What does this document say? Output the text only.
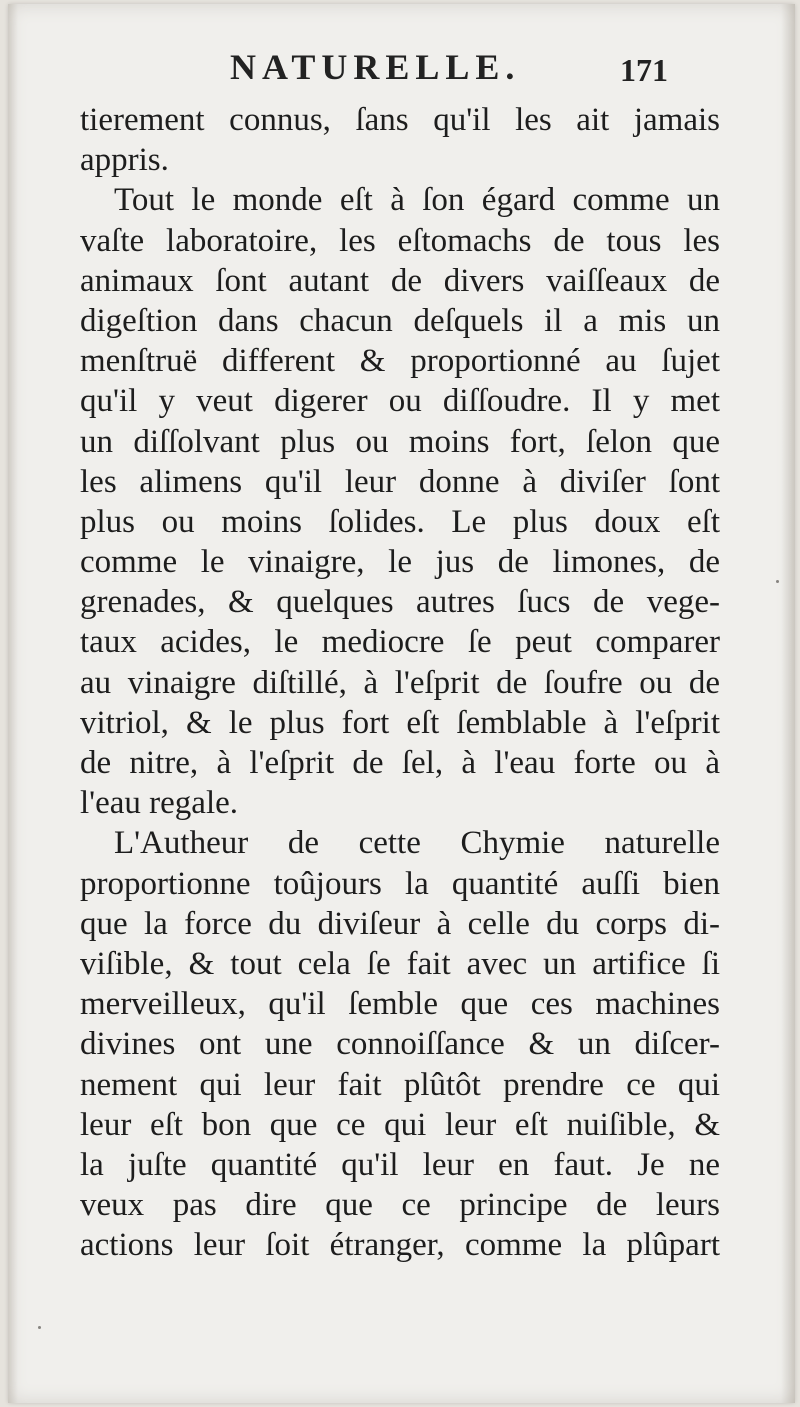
NATURELLE.	171
tierement connus, ſans qu'il les ait jamais
appris.
Tout le monde eſt à ſon égard comme un
vaſte laboratoire, les eſtomachs de tous les
animaux ſont autant de divers vaiſſeaux de
digeſtion dans chacun deſquels il a mis un
menſtruë different & proportionné au ſujet
qu'il y veut digerer ou diſſoudre. Il y met
un diſſolvant plus ou moins fort, ſelon que
les alimens qu'il leur donne à diviſer ſont
plus ou moins ſolides. Le plus doux eſt
comme le vinaigre, le jus de limones, de
grenades, & quelques autres ſucs de vege-
taux acides, le mediocre ſe peut comparer
au vinaigre diſtillé, à l'eſprit de ſoufre ou de
vitriol, & le plus fort eſt ſemblable à l'eſprit
de nitre, à l'eſprit de ſel, à l'eau forte ou à
l'eau regale.
L'Autheur de cette Chymie naturelle
proportionne toûjours la quantité auſſi bien
que la force du diviſeur à celle du corps di-
viſible, & tout cela ſe fait avec un artifice ſi
merveilleux, qu'il ſemble que ces machines
divines ont une connoiſſance & un diſcer-
nement qui leur fait plûtôt prendre ce qui
leur eſt bon que ce qui leur eſt nuiſible, &
la juſte quantité qu'il leur en faut. Je ne
veux pas dire que ce principe de leurs
actions leur ſoit étranger, comme la plûpart
